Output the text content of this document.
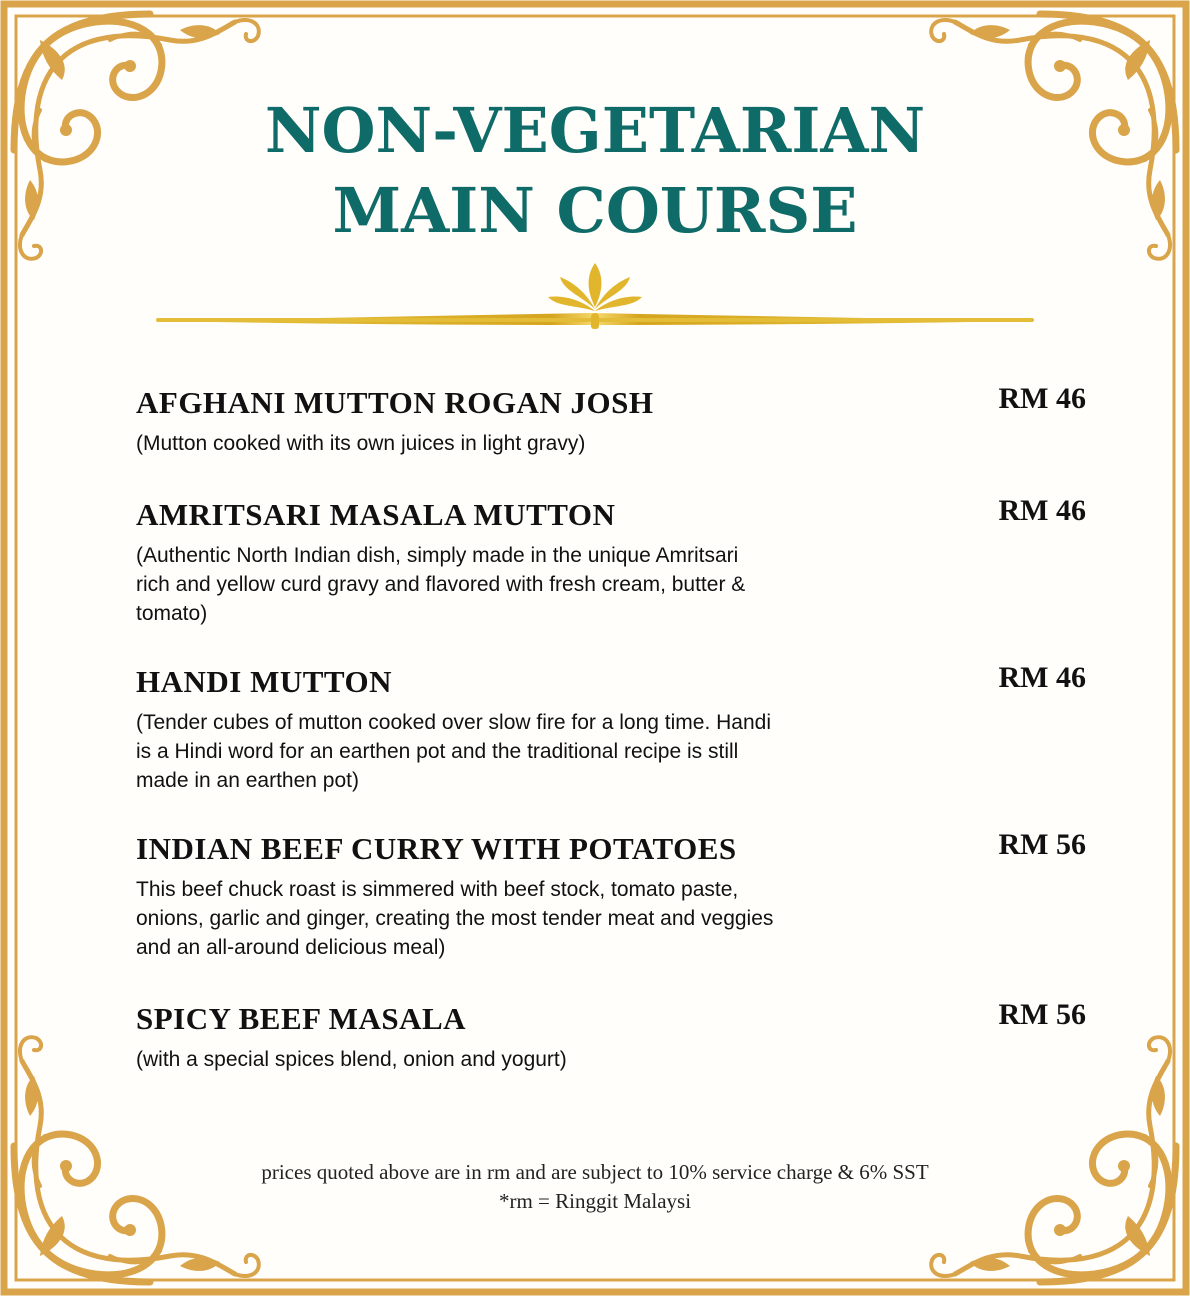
NON-VEGETARIAN
MAIN COURSE
AFGHANI MUTTON ROGAN JOSH	RM 46
(Mutton cooked with its own juices in light gravy)
AMRITSARI MASALA MUTTON	RM 46
(Authentic North Indian dish, simply made in the unique Amritsari rich and yellow curd gravy and flavored with fresh cream, butter & tomato)
HANDI MUTTON	RM 46
(Tender cubes of mutton cooked over slow fire for a long time. Handi is a Hindi word for an earthen pot and the traditional recipe is still made in an earthen pot)
INDIAN BEEF CURRY WITH POTATOES	RM 56
This beef chuck roast is simmered with beef stock, tomato paste, onions, garlic and ginger, creating the most tender meat and veggies and an all-around delicious meal)
SPICY BEEF MASALA	RM 56
(with a special spices blend, onion and yogurt)
prices quoted above are in rm and are subject to 10% service charge & 6% SST
*rm = Ringgit Malaysi
